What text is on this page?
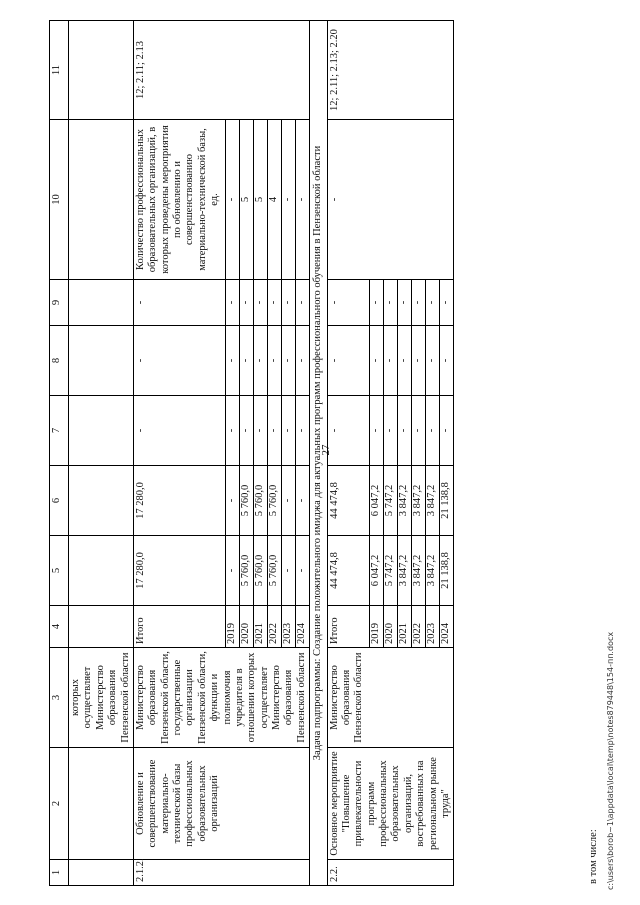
27
1	2	3	4	5	6	7	8	9	10	11
		которых осуществляет Министерство образования Пензенской области								
2.1.2.	Обновление и совершенствование материально-технической базы профессиональных образовательных организаций	Министерство образования Пензенской области, государственные организации Пензенской области, функции и полномочия учредителя в отношении которых осуществляет Министерство образования Пензенской области	Итого	17 280,0	17 280,0	-	-	-	Количество профессиональных образовательных организаций, в которых проведены мероприятия по обновлению и совершенствованию материально-технической базы, ед.	12; 2.11; 2.13
			2019	-	-	-	-	-	-	
			2020	5 760,0	5 760,0	-	-	-	5	
			2021	5 760,0	5 760,0	-	-	-	5	
			2022	5 760,0	5 760,0	-	-	-	4	
			2023	-	-	-	-	-	-	
			2024	-	-	-	-	-	-	
Задача подпрограммы: Создание положительного имиджа для актуальных программ профессионального обучения в Пензенской области										
2.2.	Основное мероприятие "Повышение привлекательности программ профессиональных образовательных организаций, востребованных на региональном рынке труда"	Министерство образования Пензенской области	Итого	44 474,8	44 474,8	-	-	-	-	12; 2.11; 2.13; 2.20
			2019	6 047,2	6 047,2	-	-	-		
			2020	5 747,2	5 747,2	-	-	-		
			2021	3 847,2	3 847,2	-	-	-		
			2022	3 847,2	3 847,2	-	-	-		
			2023	3 847,2	3 847,2	-	-	-		
			2024	21 138,8	21 138,8	-	-	-		
в том числе: c:\users\borob~1\appdata\local\temp\notes879448\154-пп.docx
